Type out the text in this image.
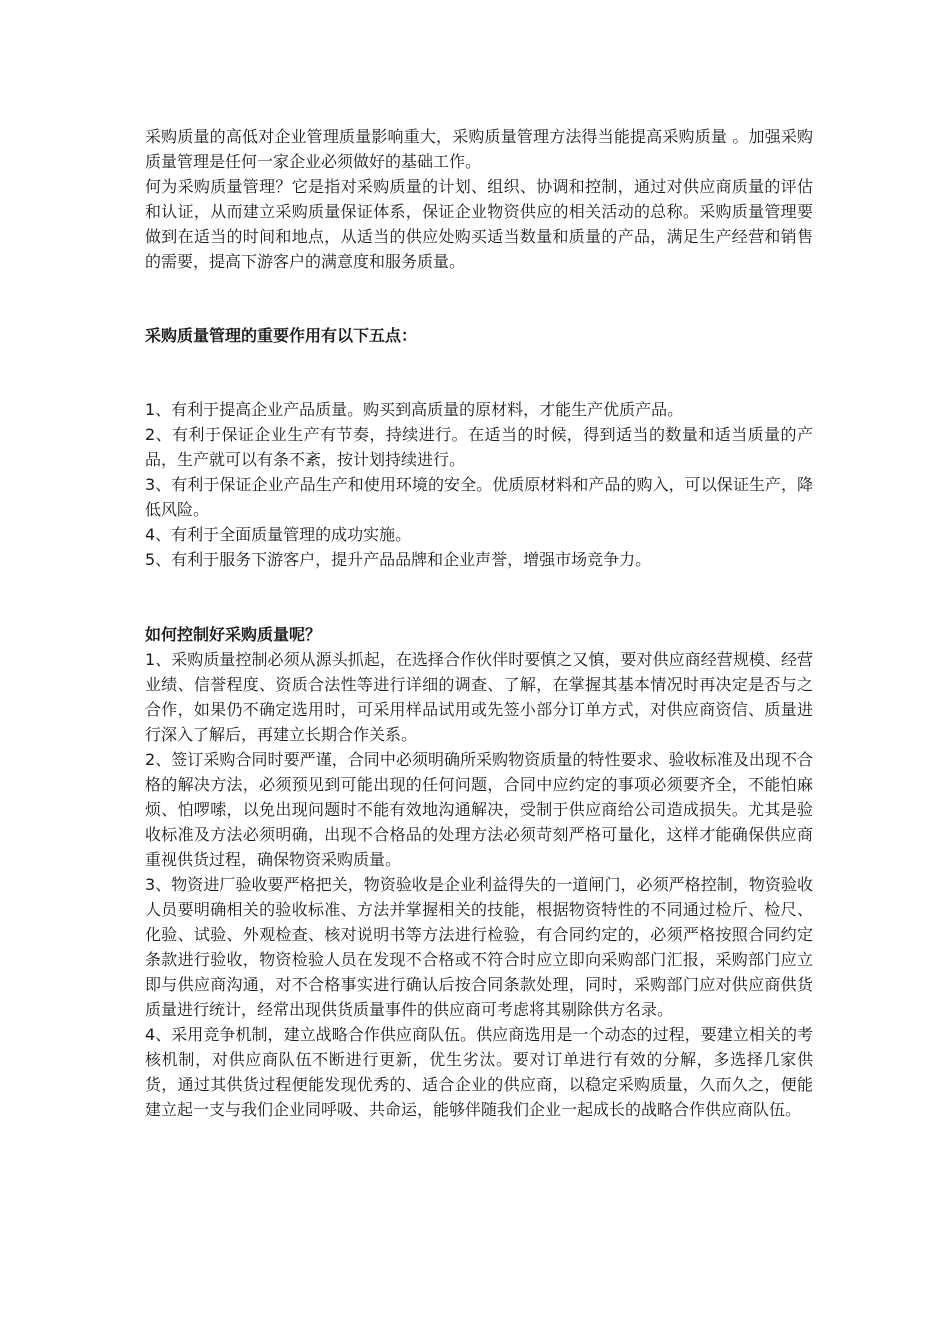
采购质量的高低对企业管理质量影响重大，采购质量管理方法得当能提高采购质量 。加强采购质量管理是任何一家企业必须做好的基础工作。

何为采购质量管理？它是指对采购质量的计划、组织、协调和控制，通过对供应商质量的评估和认证，从而建立采购质量保证体系，保证企业物资供应的相关活动的总称。采购质量管理要做到在适当的时间和地点，从适当的供应处购买适当数量和质量的产品，满足生产经营和销售的需要，提高下游客户的满意度和服务质量。

采购质量管理的重要作用有以下五点：

1、有利于提高企业产品质量。购买到高质量的原材料，才能生产优质产品。

2、有利于保证企业生产有节奏，持续进行。在适当的时候，得到适当的数量和适当质量的产品，生产就可以有条不紊，按计划持续进行。

3、有利于保证企业产品生产和使用环境的安全。优质原材料和产品的购入，可以保证生产，降低风险。

4、有利于全面质量管理的成功实施。

5、有利于服务下游客户，提升产品品牌和企业声誉，增强市场竞争力。

如何控制好采购质量呢？

1、采购质量控制必须从源头抓起，在选择合作伙伴时要慎之又慎，要对供应商经营规模、经营业绩、信誉程度、资质合法性等进行详细的调查、了解，在掌握其基本情况时再决定是否与之合作，如果仍不确定选用时，可采用样品试用或先签小部分订单方式，对供应商资信、质量进行深入了解后，再建立长期合作关系。

2、签订采购合同时要严谨，合同中必须明确所采购物资质量的特性要求、验收标准及出现不合格的解决方法，必须预见到可能出现的任何问题，合同中应约定的事项必须要齐全，不能怕麻烦、怕啰嗦，以免出现问题时不能有效地沟通解决，受制于供应商给公司造成损失。尤其是验收标准及方法必须明确，出现不合格品的处理方法必须苛刻严格可量化，这样才能确保供应商重视供货过程，确保物资采购质量。

3、物资进厂验收要严格把关，物资验收是企业利益得失的一道闸门，必须严格控制，物资验收人员要明确相关的验收标准、方法并掌握相关的技能，根据物资特性的不同通过检斤、检尺、化验、试验、外观检查、核对说明书等方法进行检验，有合同约定的，必须严格按照合同约定条款进行验收，物资检验人员在发现不合格或不符合时应立即向采购部门汇报，采购部门应立即与供应商沟通，对不合格事实进行确认后按合同条款处理，同时，采购部门应对供应商供货质量进行统计，经常出现供货质量事件的供应商可考虑将其剔除供方名录。

4、采用竞争机制，建立战略合作供应商队伍。供应商选用是一个动态的过程，要建立相关的考核机制，对供应商队伍不断进行更新，优生劣汰。要对订单进行有效的分解，多选择几家供货，通过其供货过程便能发现优秀的、适合企业的供应商，以稳定采购质量，久而久之，便能建立起一支与我们企业同呼吸、共命运，能够伴随我们企业一起成长的战略合作供应商队伍。
